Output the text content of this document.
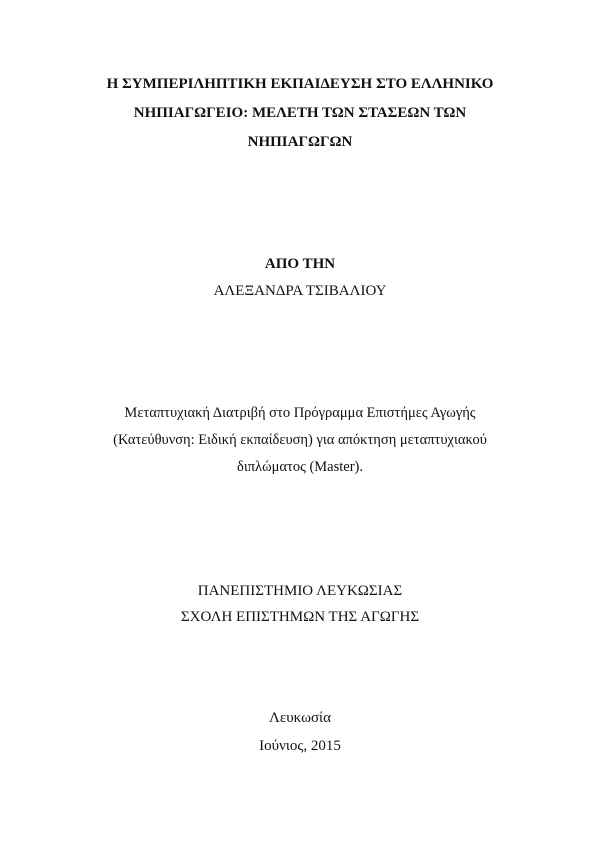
Η ΣΥΜΠΕΡΙΛΗΠΤΙΚΗ ΕΚΠΑΙΔΕΥΣΗ ΣΤΟ ΕΛΛΗΝΙΚΟ
ΝΗΠΙΑΓΩΓΕΙΟ: ΜΕΛΕΤΗ ΤΩΝ ΣΤΑΣΕΩΝ ΤΩΝ
ΝΗΠΙΑΓΩΓΩΝ
ΑΠΟ ΤΗΝ
ΑΛΕΞΑΝΔΡΑ ΤΣΙΒΑΛΙΟΥ
Μεταπτυχιακή Διατριβή στο Πρόγραμμα Επιστήμες Αγωγής
(Κατεύθυνση: Ειδική εκπαίδευση) για απόκτηση μεταπτυχιακού
διπλώματος (Master).
ΠΑΝΕΠΙΣΤΗΜΙΟ ΛΕΥΚΩΣΙΑΣ
ΣΧΟΛΗ ΕΠΙΣΤΗΜΩΝ ΤΗΣ ΑΓΩΓΗΣ
Λευκωσία
Ιούνιος, 2015
